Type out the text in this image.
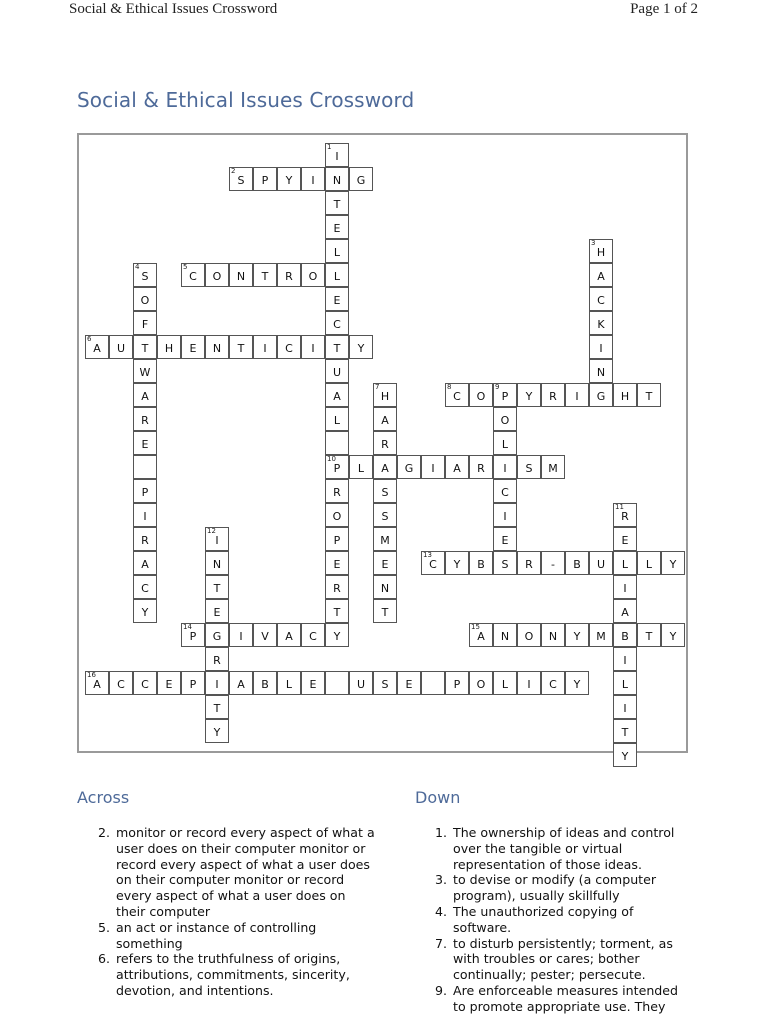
Social & Ethical Issues Crossword	Page 1 of 2
Social & Ethical Issues Crossword
1
I
N
T
E
L
L
E
C
T
U
A
L
10
P
R
O
P
E
R
T
Y
2
S P Y I	G
3
H
A
C
K
I
N
G
4
S
O
F
T
W
A
R
E
P
I
R
A
C
Y
5
C O N T R O
6
A U	H E N T I C I	Y
7
H
A
R
A
S
S
M
E
N
T
8
C O
9
P Y R I	H T
O
L
I
C
I
E
S
L	G I A R	S M
11
R
E
L
I
A
B
I
L
I
T
Y
12
I
N
T
E
G
R
I
T
Y
13
C Y B	R - B U	L Y
14
P	I V A C
15
A N O N Y M	T Y
16
A C C E P	A B L E	U S E	P O L I C Y
Across	Down
2. monitor or record every aspect of what a user does on their computer monitor or record every aspect of what a user does on their computer monitor or record every aspect of what a user does on their computer
5. an act or instance of controlling something
6. refers to the truthfulness of origins, attributions, commitments, sincerity, devotion, and intentions.
1. The ownership of ideas and control over the tangible or virtual representation of those ideas.
3. to devise or modify (a computer program), usually skillfully
4. The unauthorized copying of software.
7. to disturb persistently; torment, as with troubles or cares; bother continually; pester; persecute.
9. Are enforceable measures intended to promote appropriate use. They
